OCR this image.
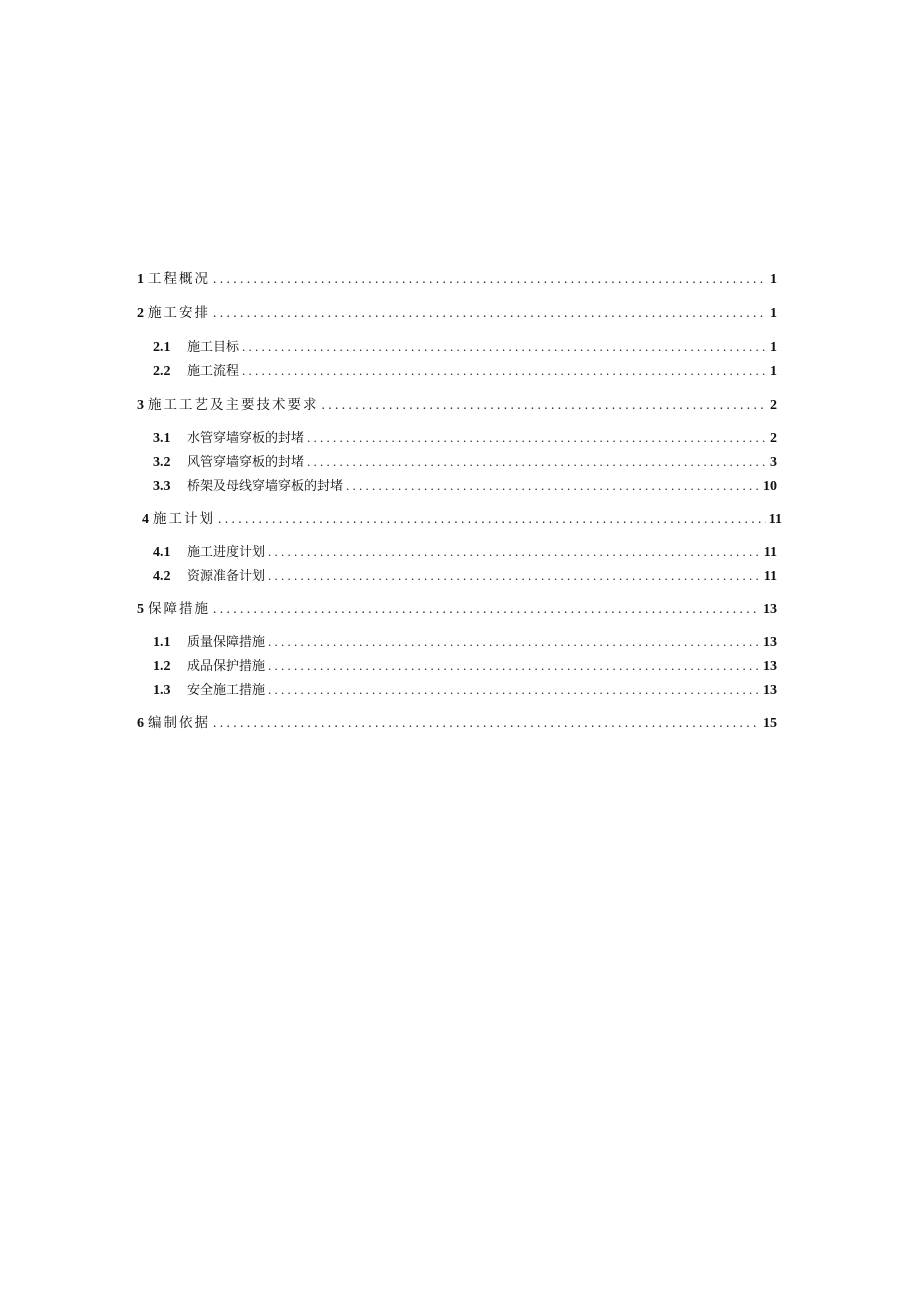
1 工程概况 . . .	1
2 施工安排 . . .	1
2.1	施工目标 . . .	1
2.2	施工流程 . . .	1
3 施工工艺及主要技术要求 . . .	2
3.1	水管穿墙穿板的封堵 . . .	2
3.2	风管穿墙穿板的封堵 . . .	3
3.3	桥架及母线穿墙穿板的封堵 . . .	10
4 施工计划 . . .	11
4.1	施工进度计划 . . .	11
4.2	资源准备计划 . . .	11
5 保障措施 . . .	13
1.1	质量保障措施 . . .	13
1.2	成品保护措施 . . .	13
1.3	安全施工措施 . . .	13
6 编制依据 . . .	15
